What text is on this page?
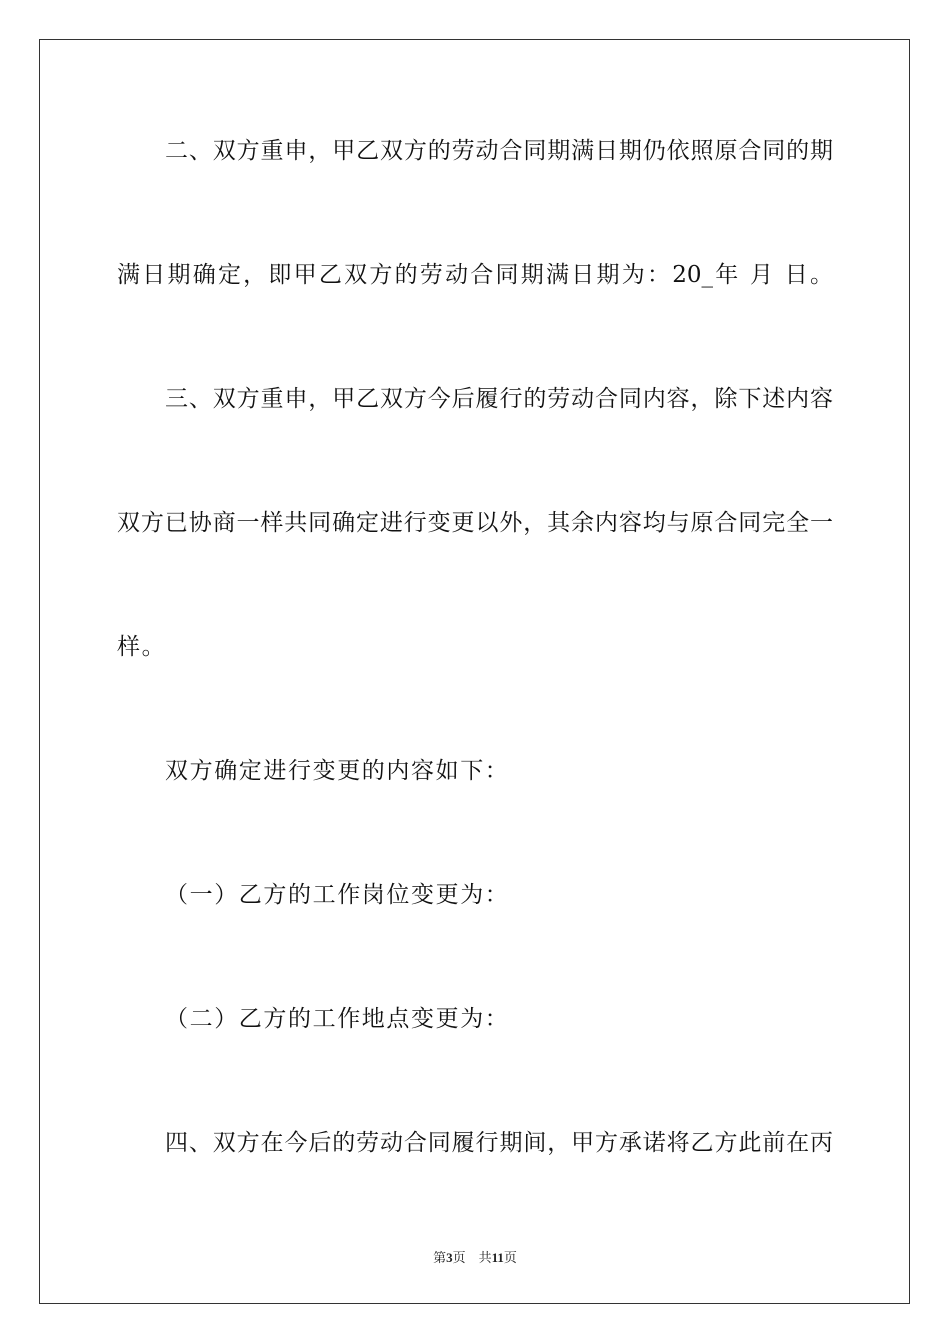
二、双方重申，甲乙双方的劳动合同期满日期仍依照原合同的期
满日期确定，即甲乙双方的劳动合同期满日期为：20_年 月 日。
三、双方重申，甲乙双方今后履行的劳动合同内容，除下述内容
双方已协商一样共同确定进行变更以外，其余内容均与原合同完全一
样。
双方确定进行变更的内容如下：
（一）乙方的工作岗位变更为：
（二）乙方的工作地点变更为：
四、双方在今后的劳动合同履行期间，甲方承诺将乙方此前在丙
第3页　共11页
